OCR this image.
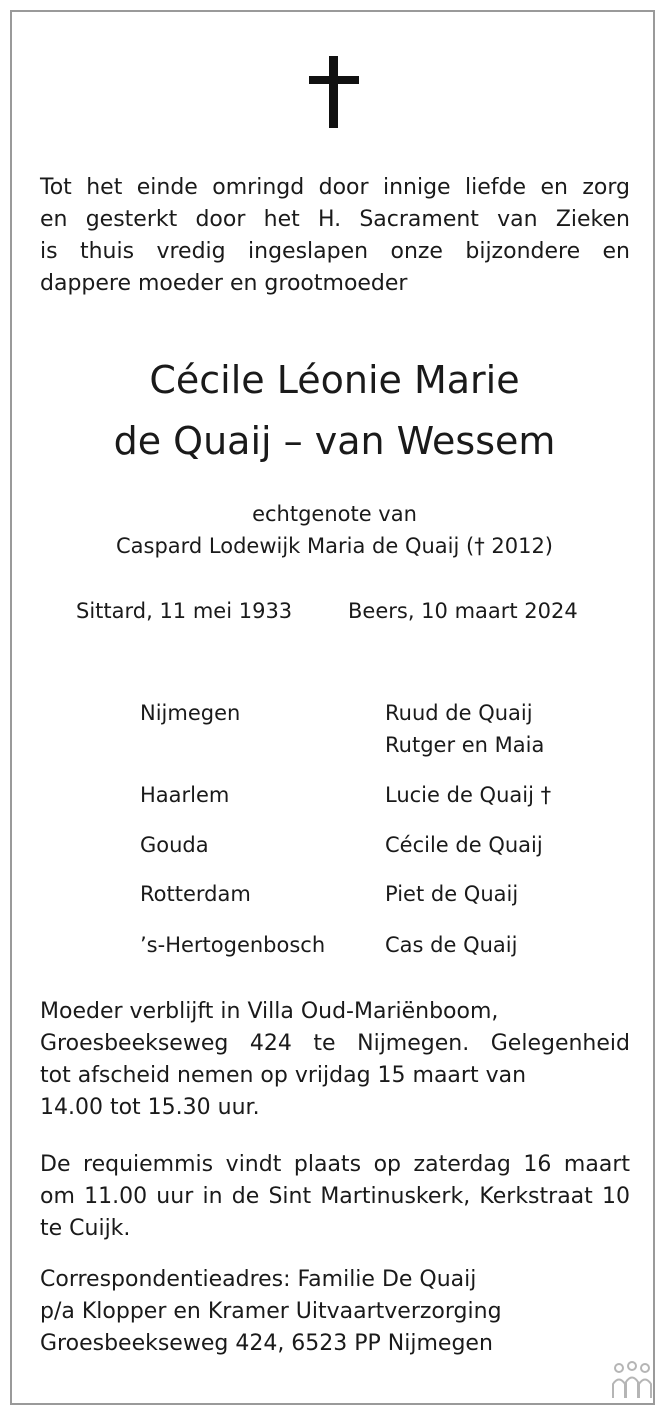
Tot het einde omringd door innige liefde en zorg
en gesterkt door het H. Sacrament van Zieken
is thuis vredig ingeslapen onze bijzondere en
dappere moeder en grootmoeder

Cécile Léonie Marie
de Quaij – van Wessem
echtgenote van
Caspard Lodewijk Maria de Quaij († 2012)
Sittard, 11 mei 1933	Beers, 10 maart 2024
Nijmegen	Ruud de Quaij
Rutger en Maia
Haarlem	Lucie de Quaij †
Gouda	Cécile de Quaij
Rotterdam	Piet de Quaij
’s-Hertogenbosch	Cas de Quaij

Moeder verblijft in Villa Oud-Mariënboom,
Groesbeekseweg 424 te Nijmegen. Gelegenheid
tot afscheid nemen op vrijdag 15 maart van
14.00 tot 15.30 uur.

De requiemmis vindt plaats op zaterdag 16 maart
om 11.00 uur in de Sint Martinuskerk, Kerkstraat 10
te Cuijk.

Correspondentieadres: Familie De Quaij
p/a Klopper en Kramer Uitvaartverzorging
Groesbeekseweg 424, 6523 PP Nijmegen
